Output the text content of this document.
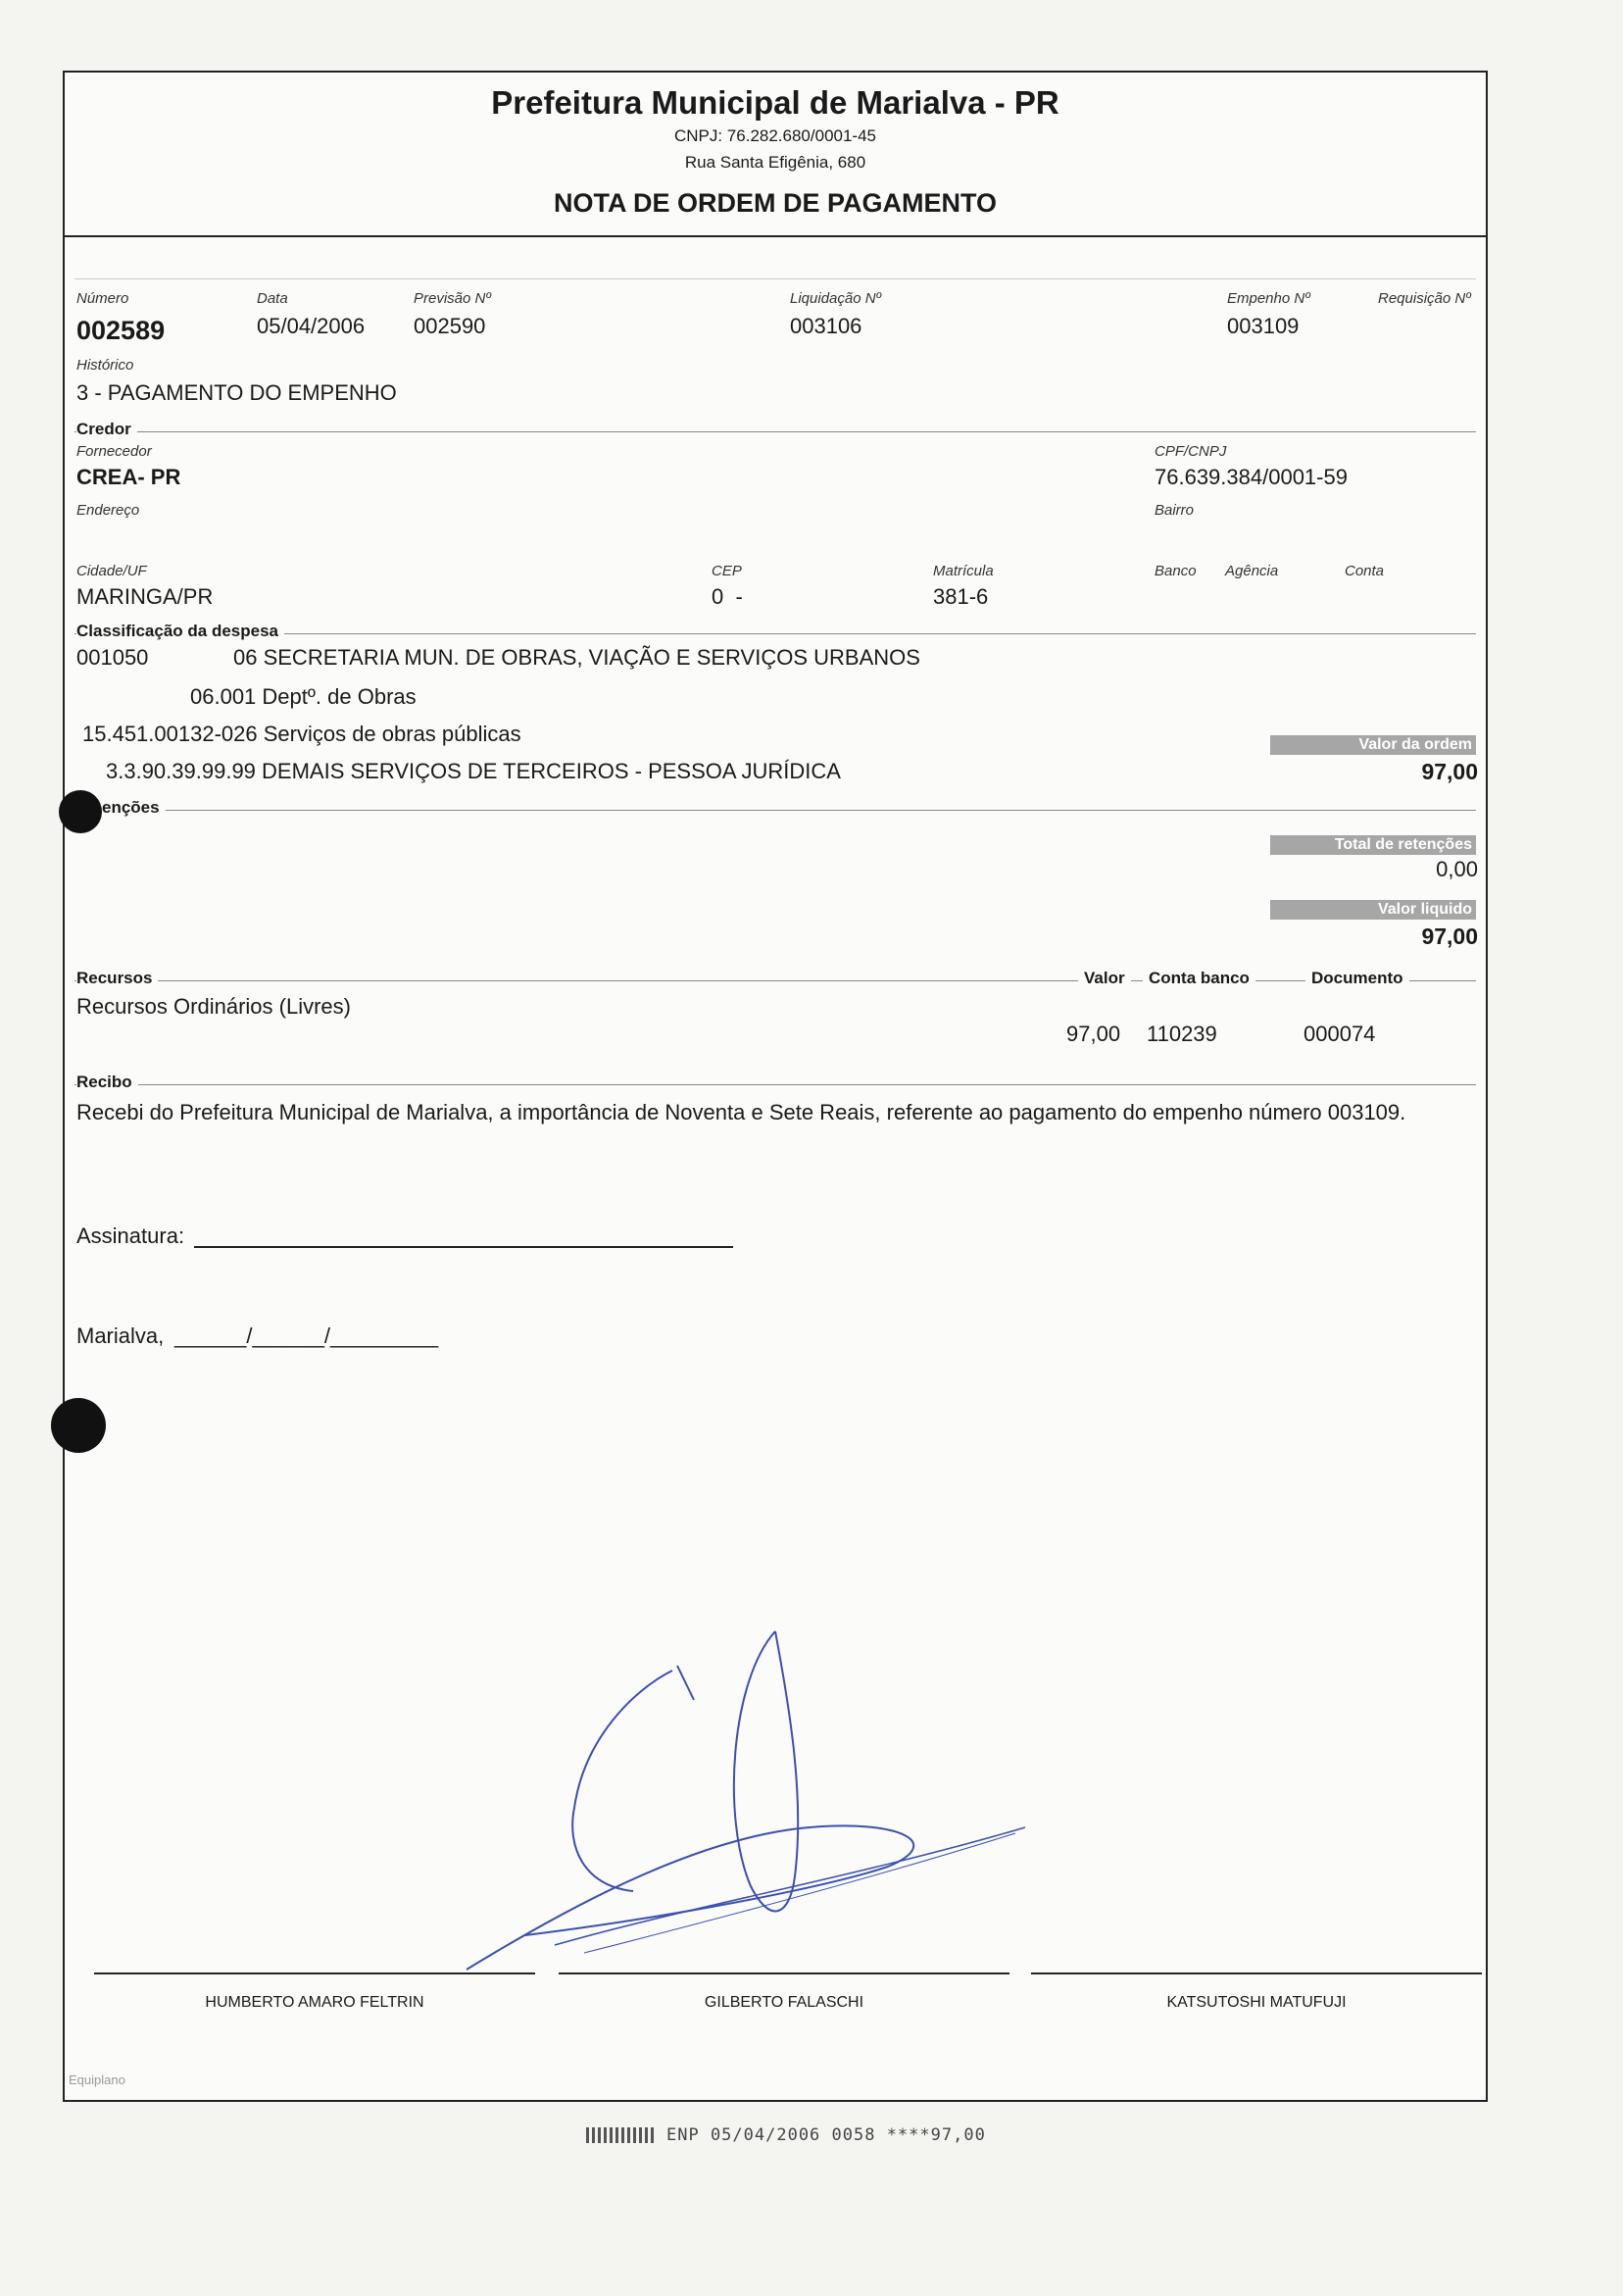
Prefeitura Municipal de Marialva - PR
CNPJ: 76.282.680/0001-45
Rua Santa Efigênia, 680
NOTA DE ORDEM DE PAGAMENTO
Número
002589
Data
05/04/2006
Previsão Nº
002590
Liquidação Nº
003106
Empenho Nº
003109
Requisição Nº
Histórico
3 - PAGAMENTO DO EMPENHO
Credor
Fornecedor
CREA- PR
CPF/CNPJ
76.639.384/0001-59
Endereço	Bairro
Cidade/UF
MARINGA/PR
CEP
0  -
Matrícula
381-6
Banco Agência	Conta
Classificação da despesa
001050	06 SECRETARIA MUN. DE OBRAS, VIAÇÃO E SERVIÇOS URBANOS
06.001 Deptº. de Obras
15.451.00132-026 Serviços de obras públicas
3.3.90.39.99.99 DEMAIS SERVIÇOS DE TERCEIROS - PESSOA JURÍDICA
Valor da ordem
97,00
enções
Total de retenções
0,00
Valor liquido
97,00
Recursos	Valor	Conta banco	Documento
Recursos Ordinários (Livres)
97,00 110239	000074
Recibo
Recebi do Prefeitura Municipal de Marialva, a importância de Noventa e Sete Reais, referente ao pagamento do empenho número 003109.
Assinatura:
Marialva, ______/______/_________
HUMBERTO AMARO FELTRIN	GILBERTO FALASCHI	KATSUTOSHI MATUFUJI
Equiplano
ENP 05/04/2006 0058 ****97,00
